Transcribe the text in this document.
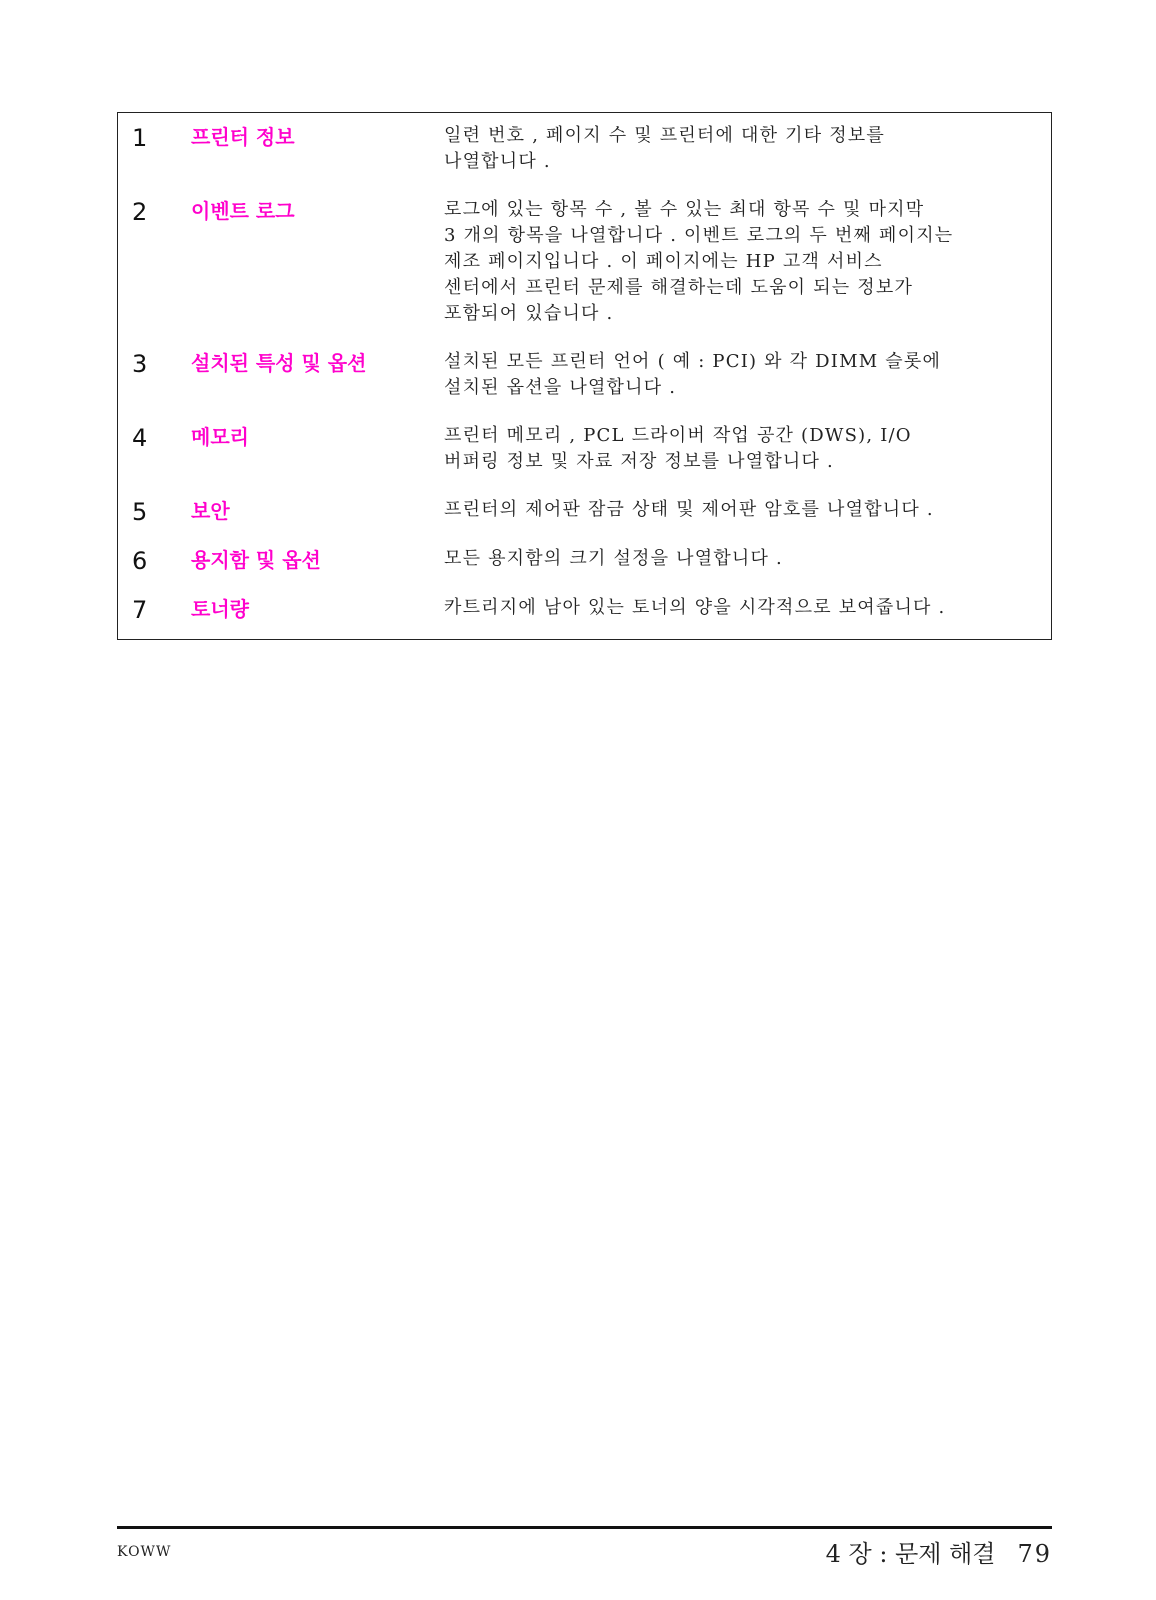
1 프린터 정보	일련 번호 , 페이지 수 및 프린터에 대한 기타 정보를
나열합니다 .

2 이벤트 로그	로그에 있는 항목 수 , 볼 수 있는 최대 항목 수 및 마지막
3 개의 항목을 나열합니다 . 이벤트 로그의 두 번째 페이지는
제조 페이지입니다 . 이 페이지에는 HP 고객 서비스
센터에서 프린터 문제를 해결하는데 도움이 되는 정보가
포함되어 있습니다 .

3 설치된 특성 및 옵션	설치된 모든 프린터 언어 ( 예 : PCI) 와 각 DIMM 슬롯에
설치된 옵션을 나열합니다 .

4 메모리	프린터 메모리 , PCL 드라이버 작업 공간 (DWS), I/O
버퍼링 정보 및 자료 저장 정보를 나열합니다 .

5 보안	프린터의 제어판 잠금 상태 및 제어판 암호를 나열합니다 .

6 용지함 및 옵션	모든 용지함의 크기 설정을 나열합니다 .

7 토너량	카트리지에 남아 있는 토너의 양을 시각적으로 보여줍니다 .

KOWW	4 장 : 문제 해결 79
